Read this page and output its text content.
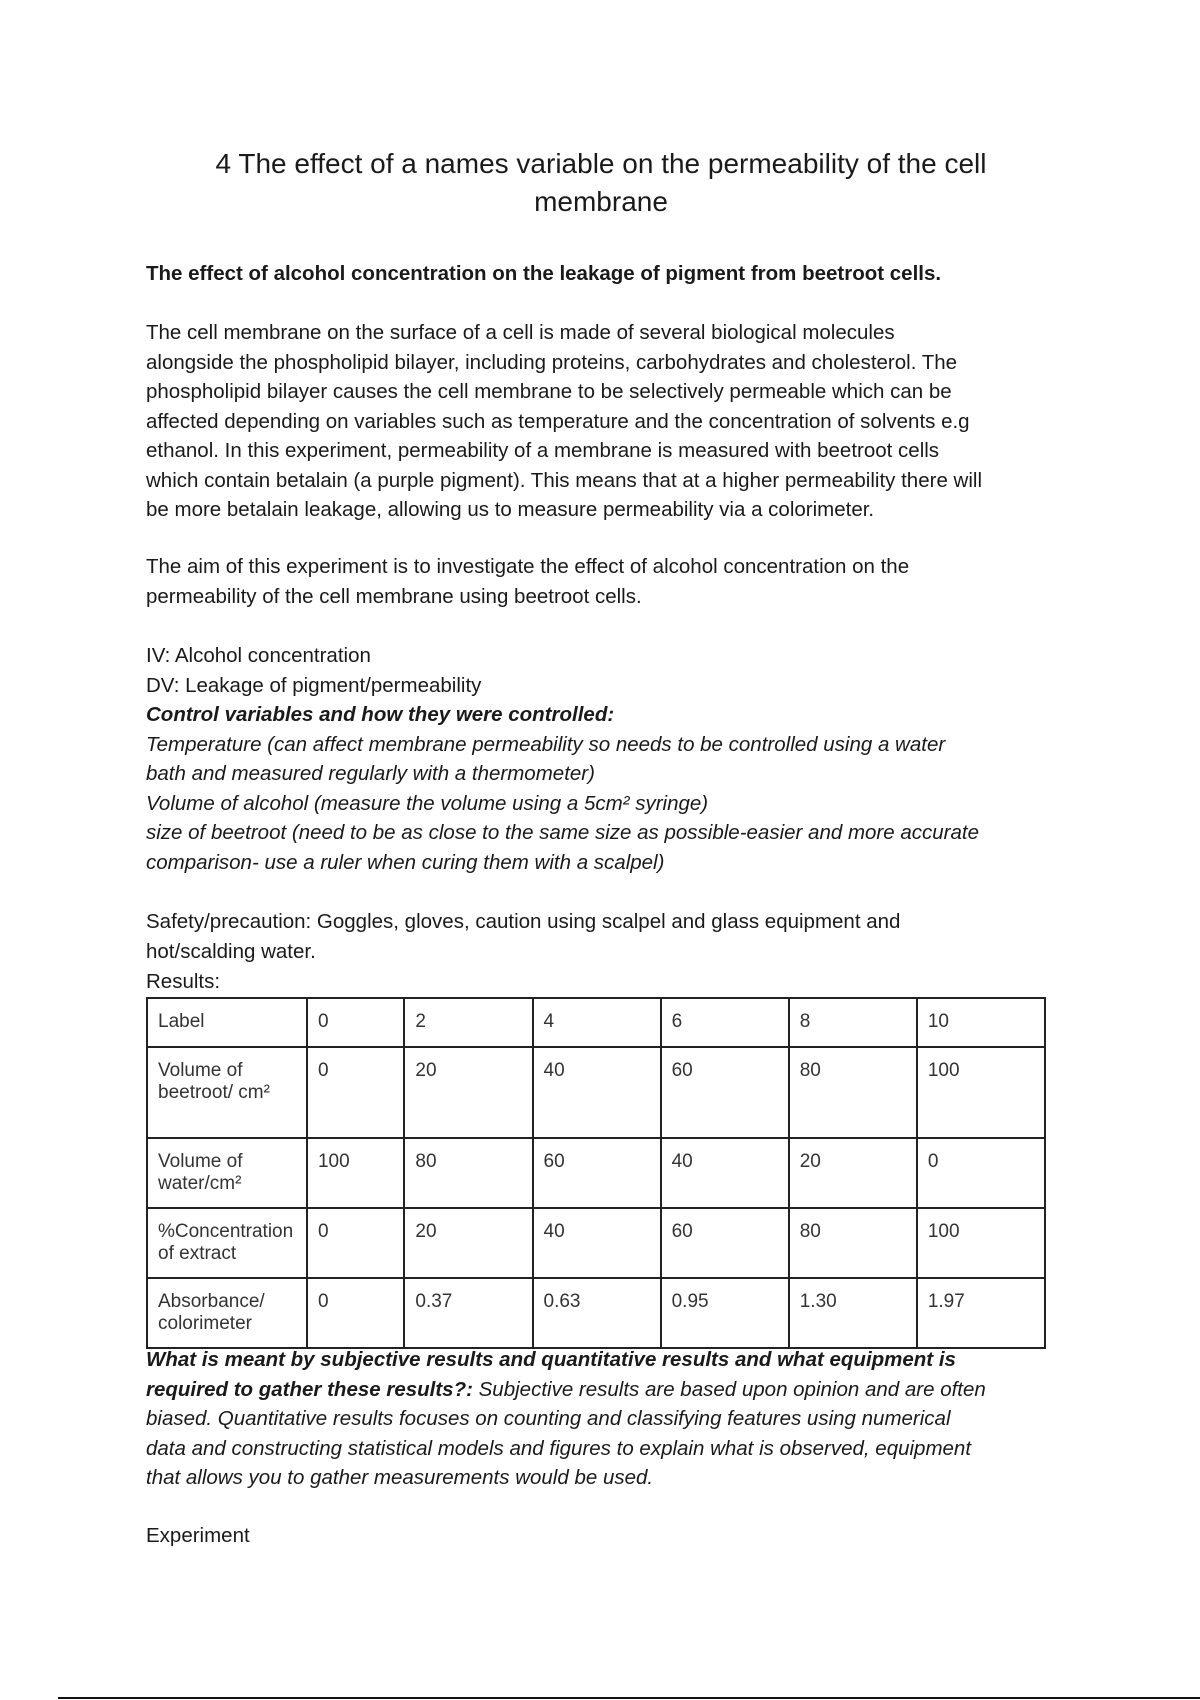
4 The effect of a names variable on the permeability of the cell
membrane

The effect of alcohol concentration on the leakage of pigment from beetroot cells.

The cell membrane on the surface of a cell is made of several biological molecules
alongside the phospholipid bilayer, including proteins, carbohydrates and cholesterol. The
phospholipid bilayer causes the cell membrane to be selectively permeable which can be
affected depending on variables such as temperature and the concentration of solvents e.g
ethanol. In this experiment, permeability of a membrane is measured with beetroot cells
which contain betalain (a purple pigment). This means that at a higher permeability there will
be more betalain leakage, allowing us to measure permeability via a colorimeter.

The aim of this experiment is to investigate the effect of alcohol concentration on the
permeability of the cell membrane using beetroot cells.

IV: Alcohol concentration
DV: Leakage of pigment/permeability
Control variables and how they were controlled:
Temperature (can affect membrane permeability so needs to be controlled using a water
bath and measured regularly with a thermometer)
Volume of alcohol (measure the volume using a 5cm² syringe)
size of beetroot (need to be as close to the same size as possible-easier and more accurate
comparison- use a ruler when curing them with a scalpel)

Safety/precaution: Goggles, gloves, caution using scalpel and glass equipment and
hot/scalding water.

Results:

Label	0	2	4	6	8	10
Volume of beetroot/ cm²	0	20	40	60	80	100
Volume of water/cm²	100	80	60	40	20	0
%Concentration of extract	0	20	40	60	80	100
Absorbance/ colorimeter	0	0.37	0.63	0.95	1.30	1.97
What is meant by subjective results and quantitative results and what equipment is
required to gather these results?: Subjective results are based upon opinion and are often
biased. Quantitative results focuses on counting and classifying features using numerical
data and constructing statistical models and figures to explain what is observed, equipment
that allows you to gather measurements would be used.

Experiment
